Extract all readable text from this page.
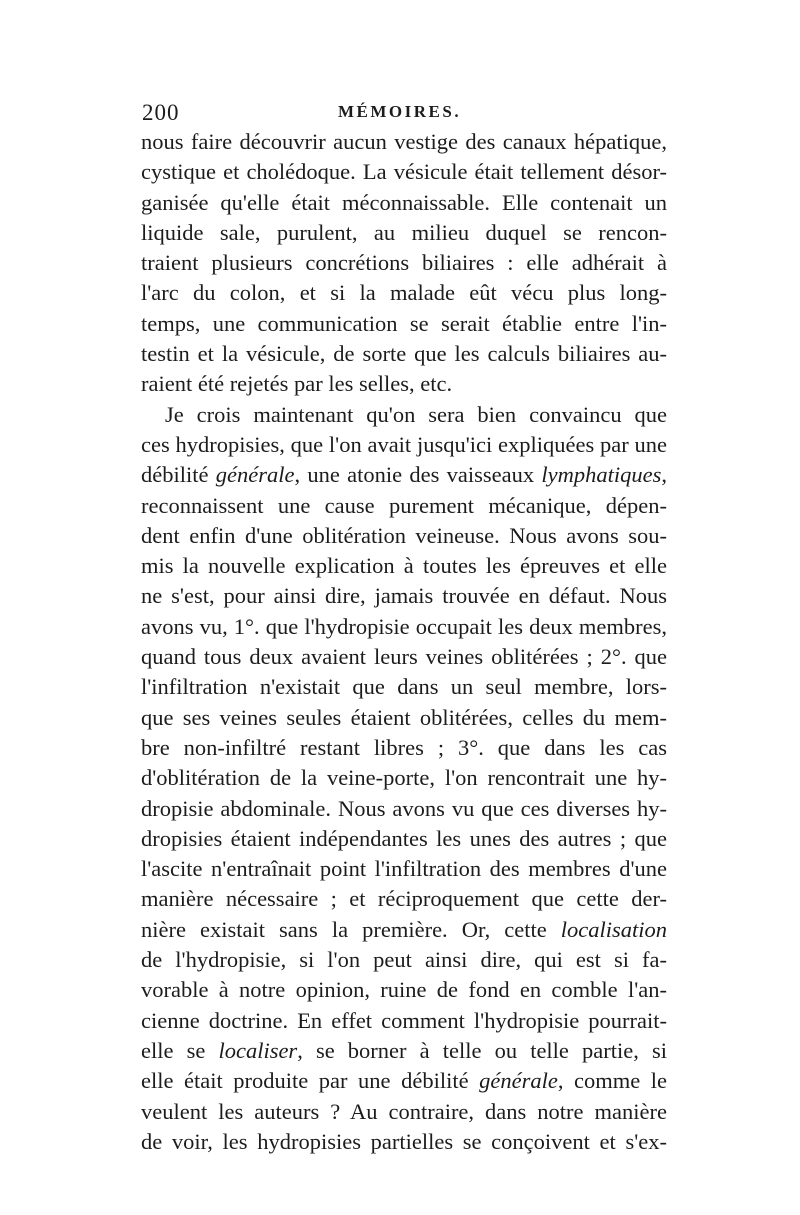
200	MÉMOIRES.
nous faire découvrir aucun vestige des canaux hépatique,
cystique et cholédoque. La vésicule était tellement désor-
ganisée qu'elle était méconnaissable. Elle contenait un
liquide sale, purulent, au milieu duquel se rencon-
traient plusieurs concrétions biliaires : elle adhérait à
l'arc du colon, et si la malade eût vécu plus long-
temps, une communication se serait établie entre l'in-
testin et la vésicule, de sorte que les calculs biliaires au-
raient été rejetés par les selles, etc.
Je crois maintenant qu'on sera bien convaincu que
ces hydropisies, que l'on avait jusqu'ici expliquées par une
débilité générale, une atonie des vaisseaux lymphatiques,
reconnaissent une cause purement mécanique, dépen-
dent enfin d'une oblitération veineuse. Nous avons sou-
mis la nouvelle explication à toutes les épreuves et elle
ne s'est, pour ainsi dire, jamais trouvée en défaut. Nous
avons vu, 1°. que l'hydropisie occupait les deux membres,
quand tous deux avaient leurs veines oblitérées ; 2°. que
l'infiltration n'existait que dans un seul membre, lors-
que ses veines seules étaient oblitérées, celles du mem-
bre non-infiltré restant libres ; 3°. que dans les cas
d'oblitération de la veine-porte, l'on rencontrait une hy-
dropisie abdominale. Nous avons vu que ces diverses hy-
dropisies étaient indépendantes les unes des autres ; que
l'ascite n'entraînait point l'infiltration des membres d'une
manière nécessaire ; et réciproquement que cette der-
nière existait sans la première. Or, cette localisation
de l'hydropisie, si l'on peut ainsi dire, qui est si fa-
vorable à notre opinion, ruine de fond en comble l'an-
cienne doctrine. En effet comment l'hydropisie pourrait-
elle se localiser, se borner à telle ou telle partie, si
elle était produite par une débilité générale, comme le
veulent les auteurs ? Au contraire, dans notre manière
de voir, les hydropisies partielles se conçoivent et s'ex-
